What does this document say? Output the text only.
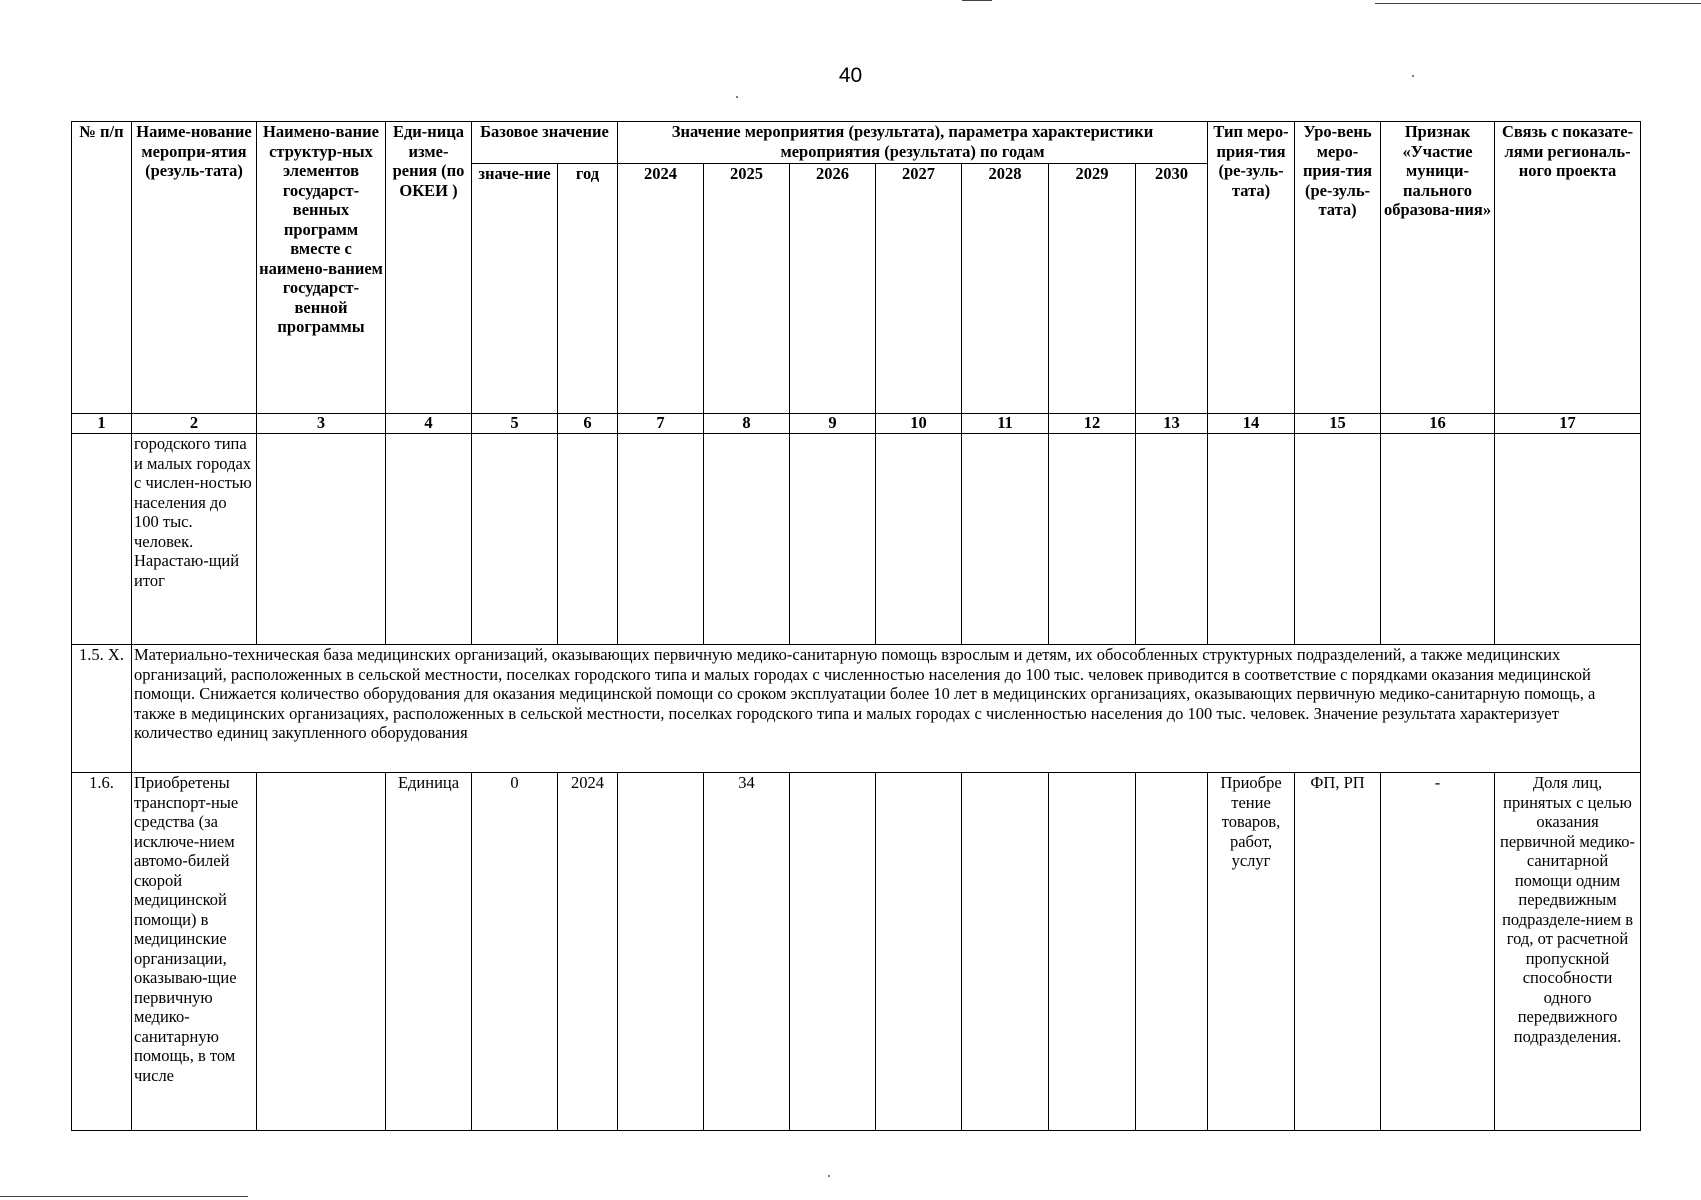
40
№ п/п	Наиме-нование меропри-ятия (резуль-тата)	Наимено-вание структур-ных элементов государст-венных программ вместе с наимено-ванием государст-венной программы	Еди-ница изме-рения (по ОКЕИ )	Базовое значение		Значение мероприятия (результата), параметра характеристики мероприятия (результата) по годам							Тип меро-прия-тия (ре-зуль-тата)	Уро-вень меро-прия-тия (ре-зуль-тата)	Признак «Участие муници-пального образова-ния»	Связь с показате-лями региональ-ного проекта
				значе-ние	год	2024	2025	2026	2027	2028	2029	2030				
1	2	3	4	5	6	7	8	9	10	11	12	13	14	15	16	17
	городского типа и малых городах с числен-ностью населения до 100 тыс. человек. Нарастаю-щий итог															
1.5. X.	Материально-техническая база медицинских организаций, оказывающих первичную медико-санитарную помощь взрослым и детям, их обособленных структурных подразделений, а также медицинских организаций, расположенных в сельской местности, поселках городского типа и малых городах с численностью населения до 100 тыс. человек приводится в соответствие с порядками оказания медицинской помощи. Снижается количество оборудования для оказания медицинской помощи со сроком эксплуатации более 10 лет в медицинских организациях, оказывающих первичную медико-санитарную помощь, а также в медицинских организациях, расположенных в сельской местности, поселках городского типа и малых городах с численностью населения до 100 тыс. человек. Значение результата характеризует количество единиц закупленного оборудования															
1.6.	Приобретены транспорт-ные средства (за исключе-нием автомо-билей скорой медицинской помощи) в медицинские организации, оказываю-щие первичную медико-санитарную помощь, в том числе		Единица	0	2024		34						Приобре тение товаров, работ, услуг	ФП, РП	-	Доля лиц, принятых с целью оказания первичной медико-санитарной помощи одним передвижным подразделе-нием в год, от расчетной пропускной способности одного передвижного подразделения.
